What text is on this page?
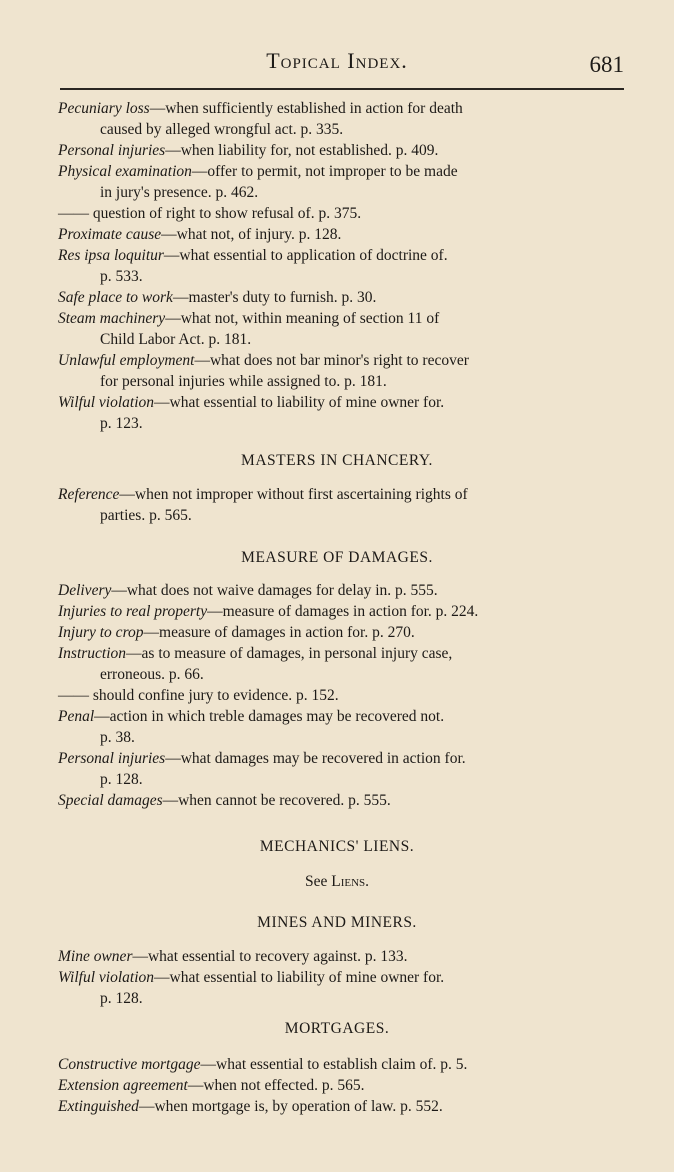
Topical Index.	681
Pecuniary loss—when sufficiently established in action for death
caused by alleged wrongful act. p. 335.
Personal injuries—when liability for, not established. p. 409.
Physical examination—offer to permit, not improper to be made
in jury's presence. p. 462.
—— question of right to show refusal of. p. 375.
Proximate cause—what not, of injury. p. 128.
Res ipsa loquitur—what essential to application of doctrine of.
p. 533.
Safe place to work—master's duty to furnish. p. 30.
Steam machinery—what not, within meaning of section 11 of
Child Labor Act. p. 181.
Unlawful employment—what does not bar minor's right to recover
for personal injuries while assigned to. p. 181.
Wilful violation—what essential to liability of mine owner for.
p. 123.
MASTERS IN CHANCERY.
Reference—when not improper without first ascertaining rights of
parties. p. 565.
MEASURE OF DAMAGES.
Delivery—what does not waive damages for delay in. p. 555.
Injuries to real property—measure of damages in action for. p. 224.
Injury to crop—measure of damages in action for. p. 270.
Instruction—as to measure of damages, in personal injury case,
erroneous. p. 66.
—— should confine jury to evidence. p. 152.
Penal—action in which treble damages may be recovered not.
p. 38.
Personal injuries—what damages may be recovered in action for.
p. 128.
Special damages—when cannot be recovered. p. 555.
MECHANICS' LIENS.
See Liens.
MINES AND MINERS.
Mine owner—what essential to recovery against. p. 133.
Wilful violation—what essential to liability of mine owner for.
p. 128.
MORTGAGES.
Constructive mortgage—what essential to establish claim of. p. 5.
Extension agreement—when not effected. p. 565.
Extinguished—when mortgage is, by operation of law. p. 552.
